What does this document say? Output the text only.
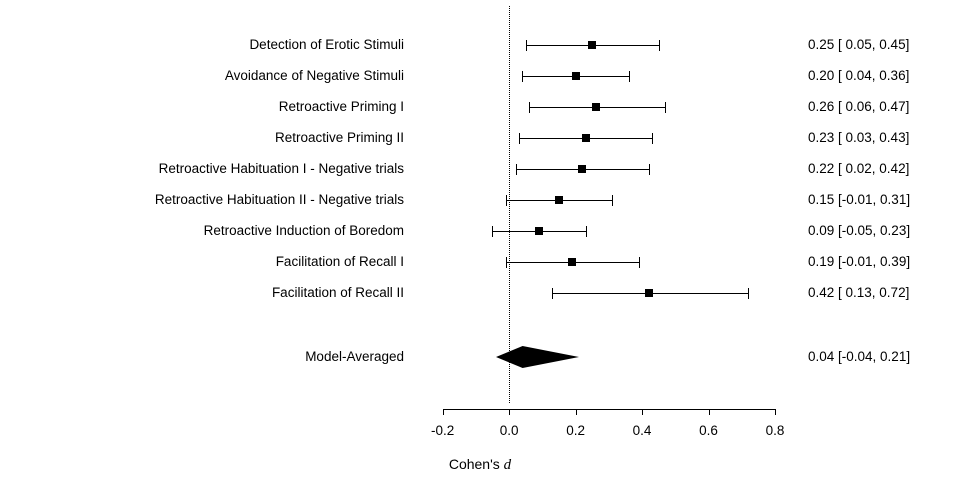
Detection of Erotic Stimuli	0.25 [ 0.05, 0.45]
Avoidance of Negative Stimuli	0.20 [ 0.04, 0.36]
Retroactive Priming I	0.26 [ 0.06, 0.47]
Retroactive Priming II	0.23 [ 0.03, 0.43]
Retroactive Habituation I - Negative trials	0.22 [ 0.02, 0.42]
Retroactive Habituation II - Negative trials	0.15 [-0.01, 0.31]
Retroactive Induction of Boredom	0.09 [-0.05, 0.23]
Facilitation of Recall I	0.19 [-0.01, 0.39]
Facilitation of Recall II	0.42 [ 0.13, 0.72]
Model-Averaged	0.04 [-0.04, 0.21]
-0.2	0.0	0.2	0.4	0.6	0.8
Cohen's d
